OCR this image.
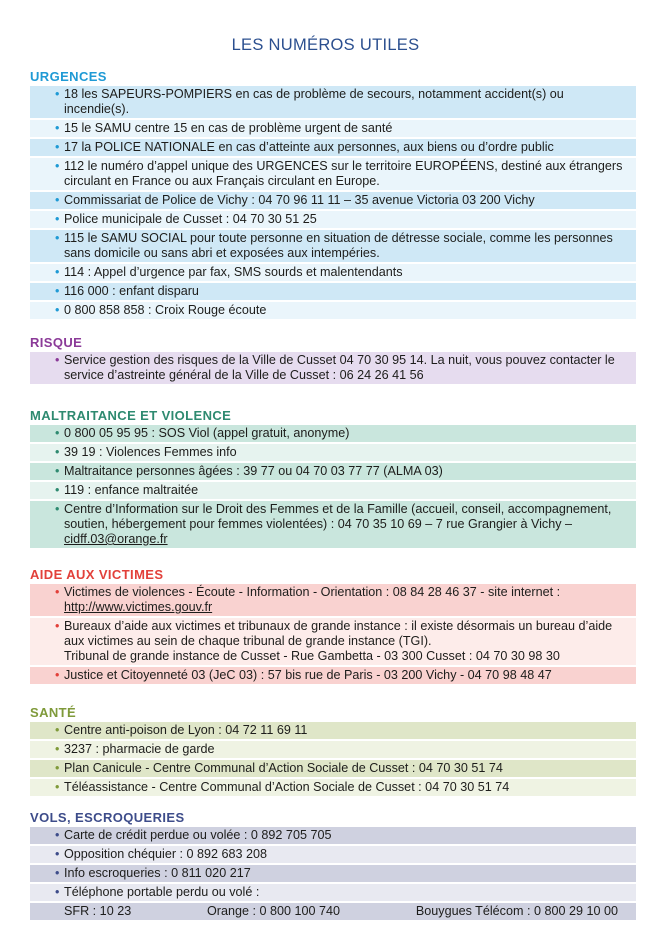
LES NUMÉROS UTILES
URGENCES
• 18 les SAPEURS-POMPIERS en cas de problème de secours, notamment accident(s) ou incendie(s).
• 15 le SAMU centre 15 en cas de problème urgent de santé
• 17 la POLICE NATIONALE en cas d’atteinte aux personnes, aux biens ou d’ordre public
• 112 le numéro d’appel unique des URGENCES sur le territoire EUROPÉENS, destiné aux étrangers circulant en France ou aux Français circulant en Europe.
• Commissariat de Police de Vichy : 04 70 96 11 11 – 35 avenue Victoria 03 200 Vichy
• Police municipale de Cusset : 04 70 30 51 25
• 115 le SAMU SOCIAL pour toute personne en situation de détresse sociale, comme les personnes sans domicile ou sans abri et exposées aux intempéries.
• 114 : Appel d’urgence par fax, SMS sourds et malentendants
• 116 000 : enfant disparu
• 0 800 858 858 : Croix Rouge écoute
RISQUE
• Service gestion des risques de la Ville de Cusset 04 70 30 95 14. La nuit, vous pouvez contacter le service d’astreinte général de la Ville de Cusset : 06 24 26 41 56
MALTRAITANCE ET VIOLENCE
• 0 800 05 95 95 : SOS Viol (appel gratuit, anonyme)
• 39 19 : Violences Femmes info
• Maltraitance personnes âgées : 39 77 ou 04 70 03 77 77 (ALMA 03)
• 119 : enfance maltraitée
• Centre d’Information sur le Droit des Femmes et de la Famille (accueil, conseil, accompagnement, soutien, hébergement pour femmes violentées) : 04 70 35 10 69 – 7 rue Grangier à Vichy – cidff.03@orange.fr
AIDE AUX VICTIMES
• Victimes de violences - Écoute - Information - Orientation : 08 84 28 46 37 - site internet : http://www.victimes.gouv.fr
• Bureaux d’aide aux victimes et tribunaux de grande instance : il existe désormais un bureau d’aide aux victimes au sein de chaque tribunal de grande instance (TGI).
Tribunal de grande instance de Cusset - Rue Gambetta - 03 300 Cusset : 04 70 30 98 30
• Justice et Citoyenneté 03 (JeC 03) : 57 bis rue de Paris - 03 200 Vichy - 04 70 98 48 47
SANTÉ
• Centre anti-poison de Lyon : 04 72 11 69 11
• 3237 : pharmacie de garde
• Plan Canicule - Centre Communal d’Action Sociale de Cusset : 04 70 30 51 74
• Téléassistance - Centre Communal d’Action Sociale de Cusset : 04 70 30 51 74
VOLS, ESCROQUERIES
• Carte de crédit perdue ou volée : 0 892 705 705
• Opposition chéquier : 0 892 683 208
• Info escroqueries : 0 811 020 217
• Téléphone portable perdu ou volé :
SFR : 10 23	Orange : 0 800 100 740	Bouygues Télécom : 0 800 29 10 00
